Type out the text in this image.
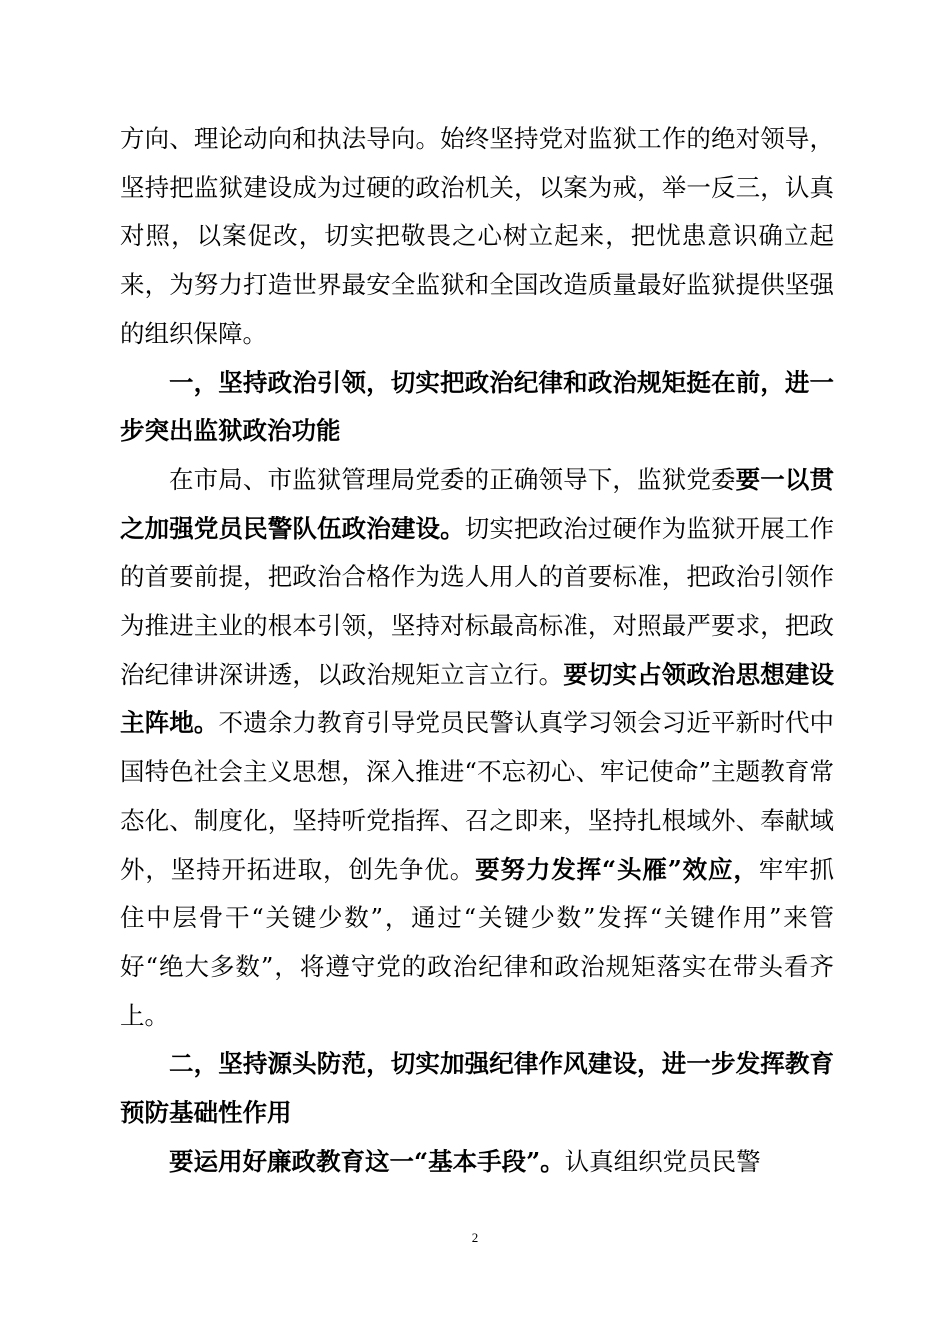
方向、理论动向和执法导向。始终坚持党对监狱工作的绝对领导，坚持把监狱建设成为过硬的政治机关，以案为戒，举一反三，认真对照，以案促改，切实把敬畏之心树立起来，把忧患意识确立起来，为努力打造世界最安全监狱和全国改造质量最好监狱提供坚强的组织保障。

一，坚持政治引领，切实把政治纪律和政治规矩挺在前，进一步突出监狱政治功能

在市局、市监狱管理局党委的正确领导下，监狱党委要一以贯之加强党员民警队伍政治建设。切实把政治过硬作为监狱开展工作的首要前提，把政治合格作为选人用人的首要标准，把政治引领作为推进主业的根本引领，坚持对标最高标准，对照最严要求，把政治纪律讲深讲透，以政治规矩立言立行。要切实占领政治思想建设主阵地。不遗余力教育引导党员民警认真学习领会习近平新时代中国特色社会主义思想，深入推进“不忘初心、牢记使命”主题教育常态化、制度化，坚持听党指挥、召之即来，坚持扎根域外、奉献域外，坚持开拓进取，创先争优。要努力发挥“头雁”效应，牢牢抓住中层骨干“关键少数”，通过“关键少数”发挥“关键作用”来管好“绝大多数”，将遵守党的政治纪律和政治规矩落实在带头看齐上。

二，坚持源头防范，切实加强纪律作风建设，进一步发挥教育预防基础性作用

要运用好廉政教育这一“基本手段”。认真组织党员民警

2
